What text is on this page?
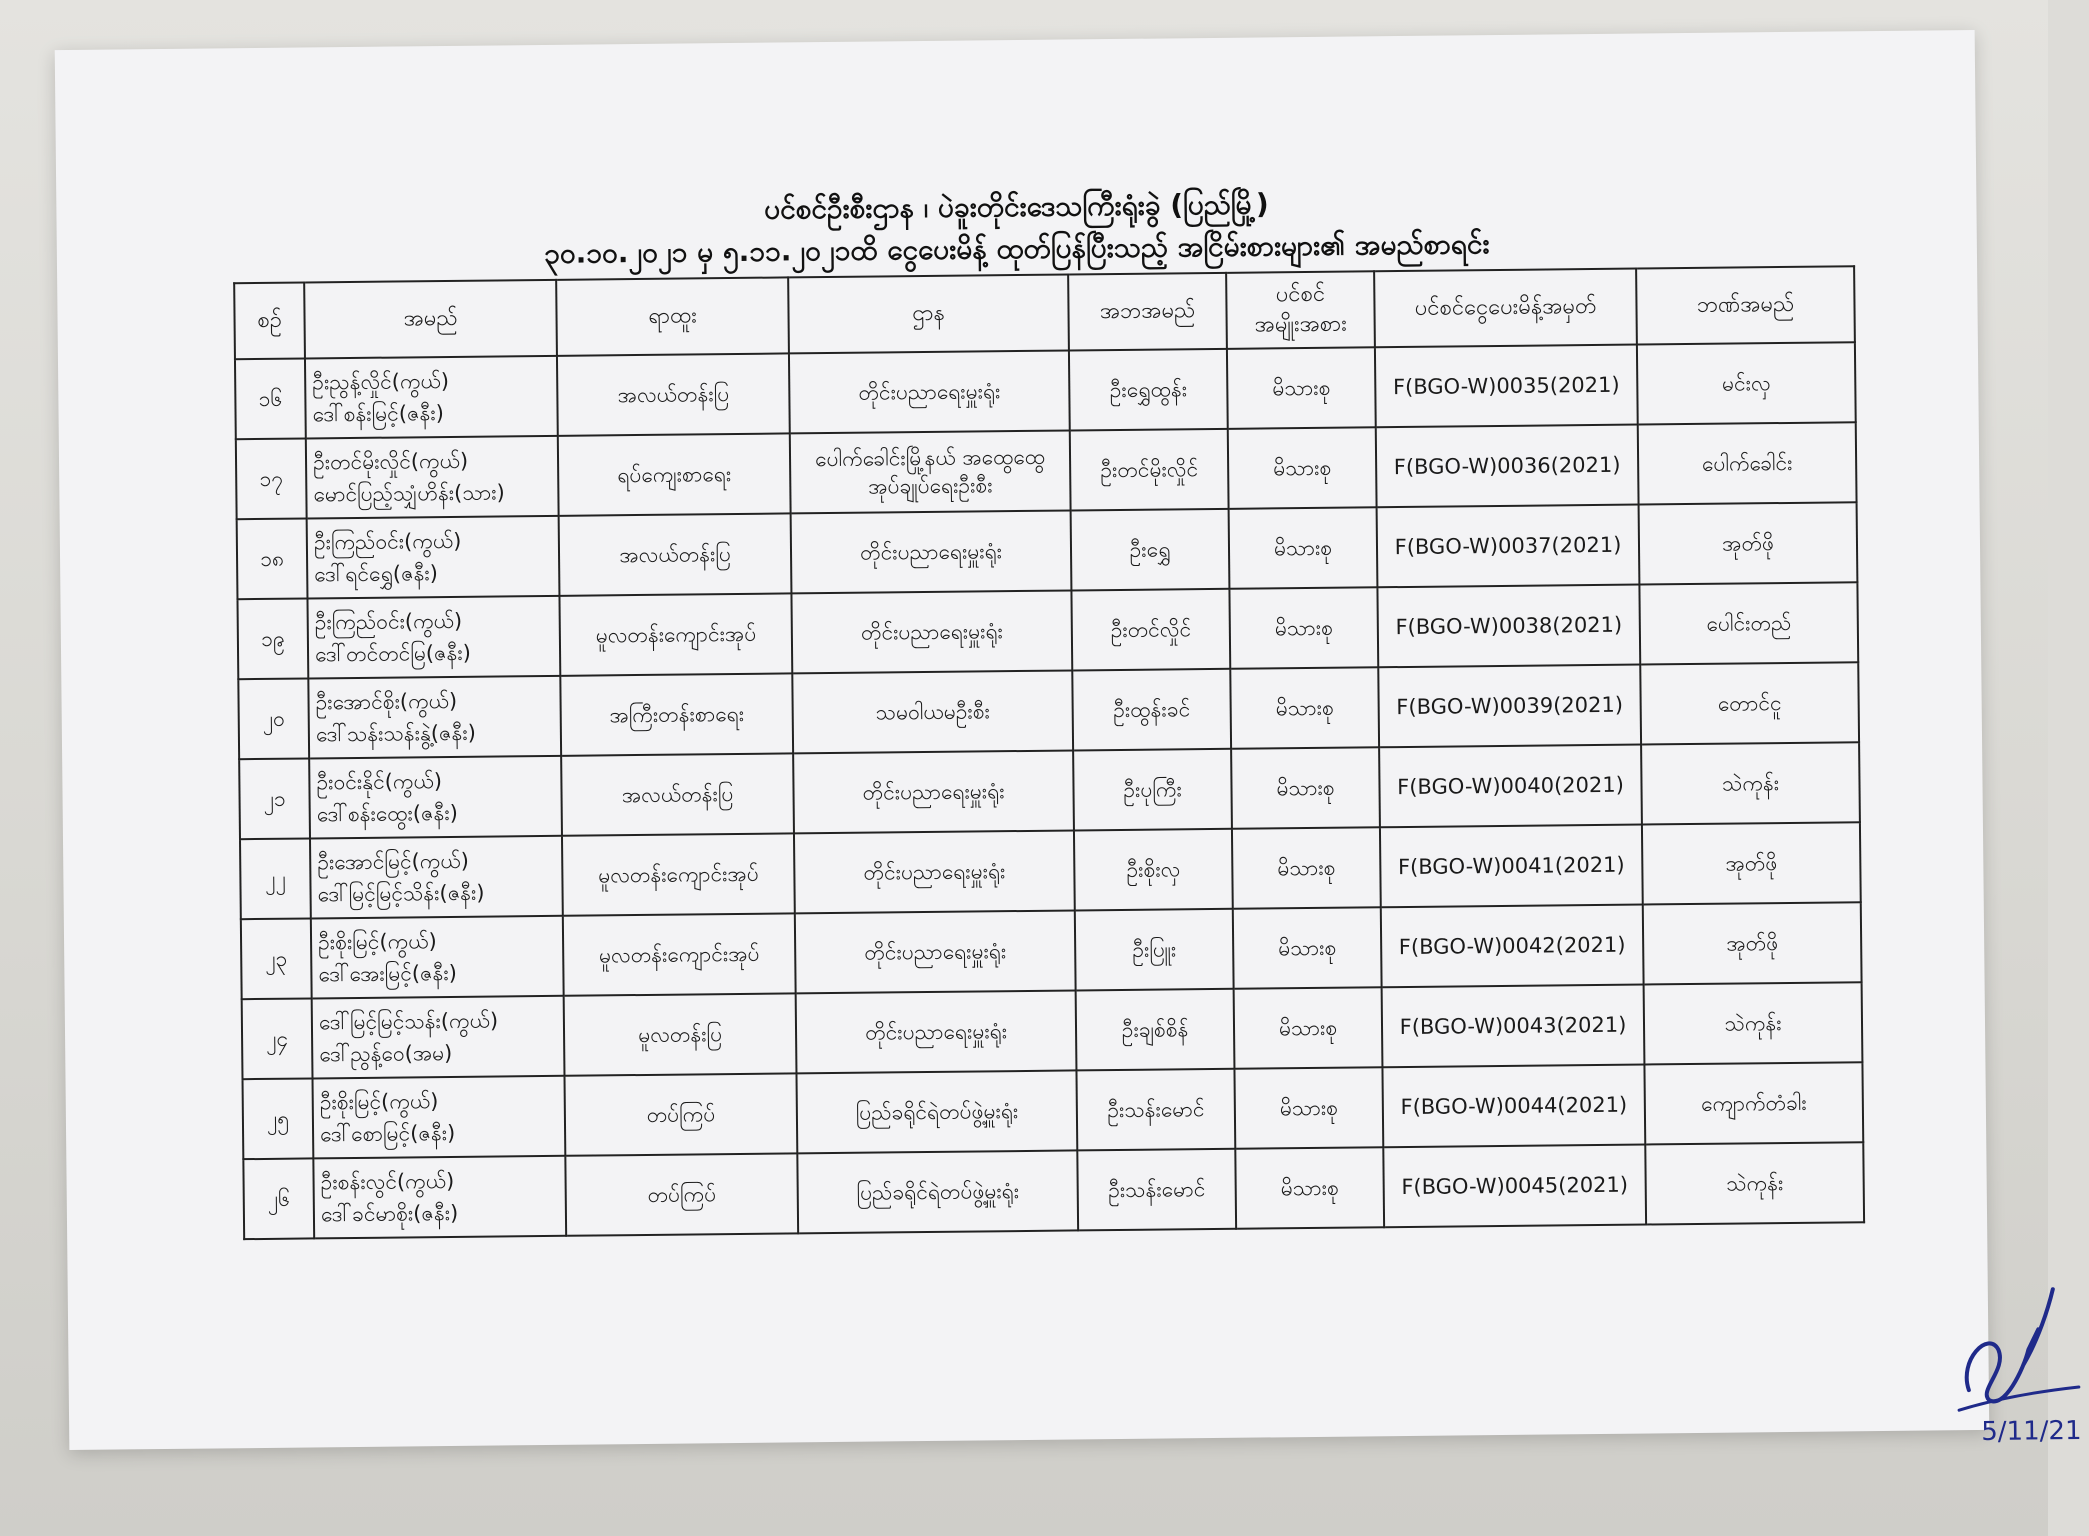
ပင်စင်ဦးစီးဌာန ၊ ပဲခူးတိုင်းဒေသကြီးရုံးခွဲ (ပြည်မြို့)
၃၀.၁၀.၂၀၂၁ မှ ၅.၁၁.၂၀၂၁ထိ ငွေပေးမိန့် ထုတ်ပြန်ပြီးသည့် အငြိမ်းစားများ၏ အမည်စာရင်း
စဉ်	အမည်	ရာထူး	ဌာန	အဘအမည်	ပင်စင်
အမျိုးအစား	ပင်စင်ငွေပေးမိန့်အမှတ်	ဘဏ်အမည်
၁၆	ဦးညွန့်လှိုင်(ကွယ်)
ဒေါ်စန်းမြင့်(ဇနီး)	အလယ်တန်းပြ	တိုင်းပညာရေးမှူးရုံး	ဦးရွှေထွန်း	မိသားစု	F(BGO-W)0035(2021)	မင်းလှ
၁၇	ဦးတင်မိုးလှိုင်(ကွယ်)
မောင်ပြည့်သျှံဟိန်း(သား)	ရပ်ကျေးစာရေး	ပေါက်ခေါင်းမြို့နယ် အထွေထွေအုပ်ချုပ်ရေးဦးစီး	ဦးတင်မိုးလှိုင်	မိသားစု	F(BGO-W)0036(2021)	ပေါက်ခေါင်း
၁၈	ဦးကြည်ဝင်း(ကွယ်)
ဒေါ်ရင်ရွှေ(ဇနီး)	အလယ်တန်းပြ	တိုင်းပညာရေးမှူးရုံး	ဦးရွှေ	မိသားစု	F(BGO-W)0037(2021)	အုတ်ဖို
၁၉	ဦးကြည်ဝင်း(ကွယ်)
ဒေါ်တင်တင်မြ(ဇနီး)	မူလတန်းကျောင်းအုပ်	တိုင်းပညာရေးမှူးရုံး	ဦးတင်လှိုင်	မိသားစု	F(BGO-W)0038(2021)	ပေါင်းတည်
၂၀	ဦးအောင်စိုး(ကွယ်)
ဒေါ်သန်းသန်းနွဲ့(ဇနီး)	အကြီးတန်းစာရေး	သမဝါယမဦးစီး	ဦးထွန်းခင်	မိသားစု	F(BGO-W)0039(2021)	တောင်ငူ
၂၁	ဦးဝင်းနိုင်(ကွယ်)
ဒေါ်စန်းထွေး(ဇနီး)	အလယ်တန်းပြ	တိုင်းပညာရေးမှူးရုံး	ဦးပုကြီး	မိသားစု	F(BGO-W)0040(2021)	သဲကုန်း
၂၂	ဦးအောင်မြင့်(ကွယ်)
ဒေါ်မြင့်မြင့်သိန်း(ဇနီး)	မူလတန်းကျောင်းအုပ်	တိုင်းပညာရေးမှူးရုံး	ဦးစိုးလှ	မိသားစု	F(BGO-W)0041(2021)	အုတ်ဖို
၂၃	ဦးစိုးမြင့်(ကွယ်)
ဒေါ်အေးမြင့်(ဇနီး)	မူလတန်းကျောင်းအုပ်	တိုင်းပညာရေးမှူးရုံး	ဦးပြူး	မိသားစု	F(BGO-W)0042(2021)	အုတ်ဖို
၂၄	ဒေါ်မြင့်မြင့်သန်း(ကွယ်)
ဒေါ်ညွန့်ဝေ(အမ)	မူလတန်းပြ	တိုင်းပညာရေးမှူးရုံး	ဦးချစ်စိန်	မိသားစု	F(BGO-W)0043(2021)	သဲကုန်း
၂၅	ဦးစိုးမြင့်(ကွယ်)
ဒေါ်စောမြင့်(ဇနီး)	တပ်ကြပ်	ပြည်ခရိုင်ရဲတပ်ဖွဲ့မှူးရုံး	ဦးသန်းမောင်	မိသားစု	F(BGO-W)0044(2021)	ကျောက်တံခါး
၂၆	ဦးစန်းလွင်(ကွယ်)
ဒေါ်ခင်မာစိုး(ဇနီး)	တပ်ကြပ်	ပြည်ခရိုင်ရဲတပ်ဖွဲ့မှူးရုံး	ဦးသန်းမောင်	မိသားစု	F(BGO-W)0045(2021)	သဲကုန်း
5/11/21
